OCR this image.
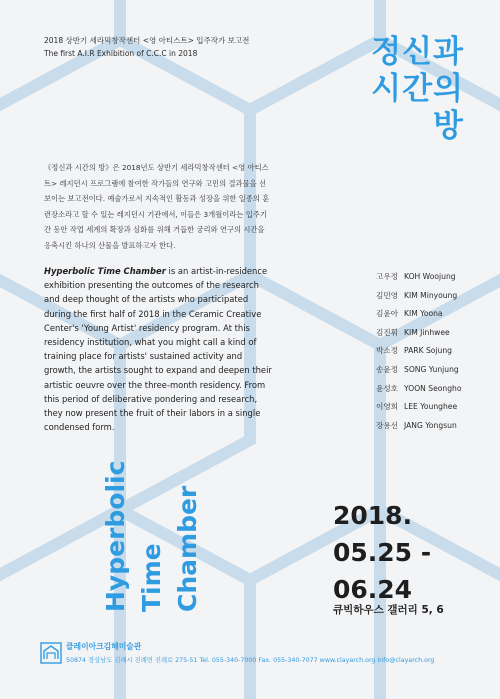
2018 상반기 세라믹창작센터 <영 아티스트> 입주작가 보고전
The first A.I.R Exhibition of C.C.C in 2018	정신과
시간의
방
《정신과 시간의 방》은 2018년도 상반기 세라믹창작센터 <영 아티스트> 레지던시 프로그램에 참여한 작가들의 연구와 고민의 결과물을 선보이는 보고전이다. 예술가로서 지속적인 활동과 성장을 위한 일종의 훈련장소라고 할 수 있는 레지던시 기관에서, 이들은 3개월이라는 입주기간 동안 작업 세계의 확장과 심화를 위해 거듭한 궁리와 연구의 시간을 응축시킨 하나의 산물을 발표하고자 한다.
Hyperbolic Time Chamber is an artist-in-residence exhibition presenting the outcomes of the research and deep thought of the artists who participated during the first half of 2018 in the Ceramic Creative Center's 'Young Artist' residency program. At this residency institution, what you might call a kind of training place for artists' sustained activity and growth, the artists sought to expand and deepen their artistic oeuvre over the three-month residency. From this period of deliberative pondering and research, they now present the fruit of their labors in a single condensed form.
고우정 KOH Woojung
김민영 KIM Minyoung
김윤아 KIM Yoona
김진휘 KIM Jinhwee
박소정 PARK Sojung
송윤정 SONG Yunjung
윤성호 YOON Seongho
이영희 LEE Younghee
장용선 JANG Yongsun
Hyperbolic Time Chamber	2018.
05.25 -
06.24
큐빅하우스 갤러리 5, 6
클레이아크김해미술관
50874 경상남도 김해시 진례면 진례로 275-51 Tel. 055-340-7000 Fax. 055-340-7077 www.clayarch.org info@clayarch.org
